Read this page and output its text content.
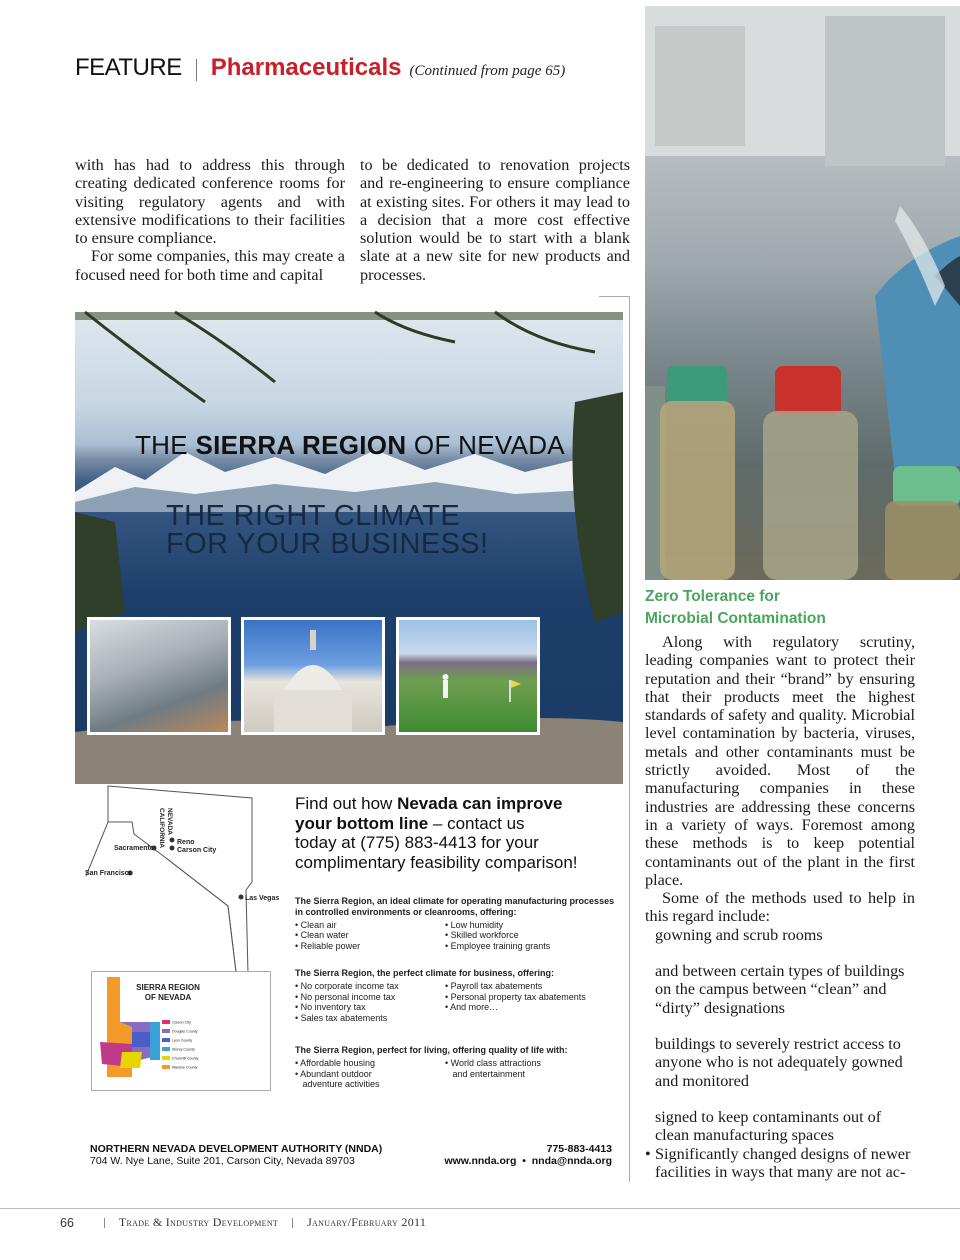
FEATURE Pharmaceuticals (Continued from page 65)

with has had to address this through creating dedicated conference rooms for visiting regulatory agents and with extensive modifications to their facilities to ensure compliance.

For some companies, this may create a focused need for both time and capital

to be dedicated to renovation projects and re-engineering to ensure compliance at existing sites. For others it may lead to a decision that a more cost effective solution would be to start with a blank slate at a new site for new products and processes.

Zero Tolerance for
Microbial Contamination

Along with regulatory scrutiny, leading companies want to protect their reputation and their “brand” by ensuring that their products meet the highest standards of safety and quality. Microbial level contamination by bacteria, viruses, metals and other contaminants must be strictly avoided. Most of the manufacturing companies in these industries are addressing these concerns in a variety of ways. Foremost among these methods is to keep potential contaminants out of the plant in the first place.

Some of the methods used to help in this regard include:

gowning and scrub rooms
and between certain types of buildings
on the campus between “clean” and
“dirty” designations
buildings to severely restrict access to
anyone who is not adequately gowned
and monitored
signed to keep contaminants out of
clean manufacturing spaces
• Significantly changed designs of newer
facilities in ways that many are not ac-
THE SIERRA REGION OF NEVADA
THE RIGHT CLIMATE
FOR YOUR BUSINESS!
NEVADA
CALIFORNIA Reno
Carson City
Sacramento
San Francisco
Las Vegas
SIERRA REGION
OF NEVADA
Carson City
Douglas County
Lyon County
Storey County
Churchill County
Washoe County
Find out how Nevada can improve
your bottom line – contact us
today at (775) 883-4413 for your
complimentary feasibility comparison!
The Sierra Region, an ideal climate for operating manufacturing processes in controlled environments or cleanrooms, offering:
• Clean air	• Low humidity
• Clean water	• Skilled workforce
• Reliable power	• Employee training grants
The Sierra Region, the perfect climate for business, offering:
• No corporate income tax	• Payroll tax abatements
• No personal income tax	• Personal property tax abatements
• No inventory tax	• And more…
• Sales tax abatements
The Sierra Region, perfect for living, offering quality of life with:
• Affordable housing	• World class attractions
• Abundant outdoor	and entertainment
adventure activities
NORTHERN NEVADA DEVELOPMENT AUTHORITY (NNDA)
704 W. Nye Lane, Suite 201, Carson City, Nevada 89703
775-883-4413
www.nnda.org • nnda@nnda.org
66	Trade & Industry Development January/February 2011
